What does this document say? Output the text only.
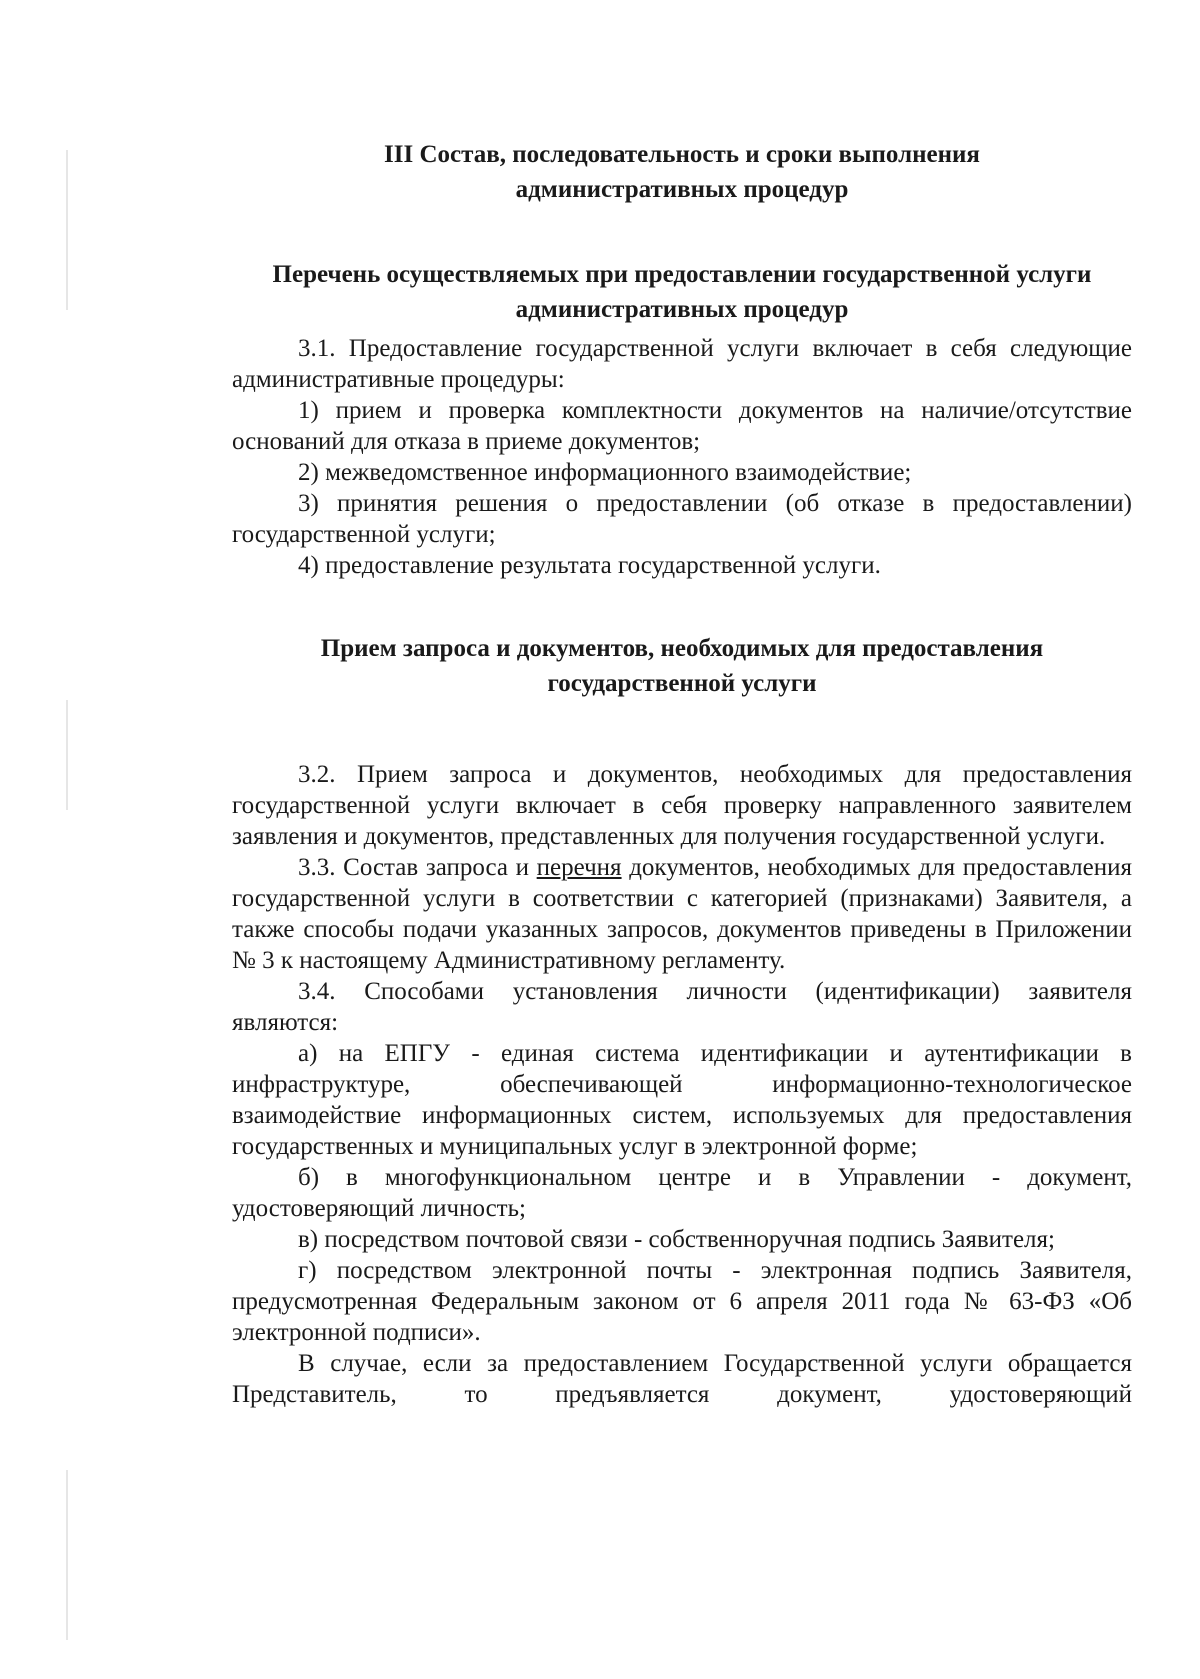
III Состав, последовательность и сроки выполнения
административных процедур
Перечень осуществляемых при предоставлении государственной услуги
административных процедур

3.1. Предоставление государственной услуги включает в себя следующие административные процедуры:

1) прием и проверка комплектности документов на наличие/отсутствие оснований для отказа в приеме документов;

2) межведомственное информационного взаимодействие;

3) принятия решения о предоставлении (об отказе в предоставлении) государственной услуги;

4) предоставление результата государственной услуги.

Прием запроса и документов, необходимых для предоставления
государственной услуги

3.2. Прием запроса и документов, необходимых для предоставления государственной услуги включает в себя проверку направленного заявителем заявления и документов, представленных для получения государственной услуги.

3.3. Состав запроса и перечня документов, необходимых для предоставления государственной услуги в соответствии с категорией (признаками) Заявителя, а также способы подачи указанных запросов, документов приведены в Приложении № 3 к настоящему Административному регламенту.

3.4. Способами установления личности (идентификации) заявителя являются:

а) на ЕПГУ - единая система идентификации и аутентификации в инфраструктуре, обеспечивающей информационно-технологическое взаимодействие информационных систем, используемых для предоставления государственных и муниципальных услуг в электронной форме;

б) в многофункциональном центре и в Управлении - документ, удостоверяющий личность;

в) посредством почтовой связи - собственноручная подпись Заявителя;

г) посредством электронной почты - электронная подпись Заявителя, предусмотренная Федеральным законом от 6 апреля 2011 года № 63-ФЗ «Об электронной подписи».

В случае, если за предоставлением Государственной услуги обращается Представитель, то предъявляется документ, удостоверяющий
